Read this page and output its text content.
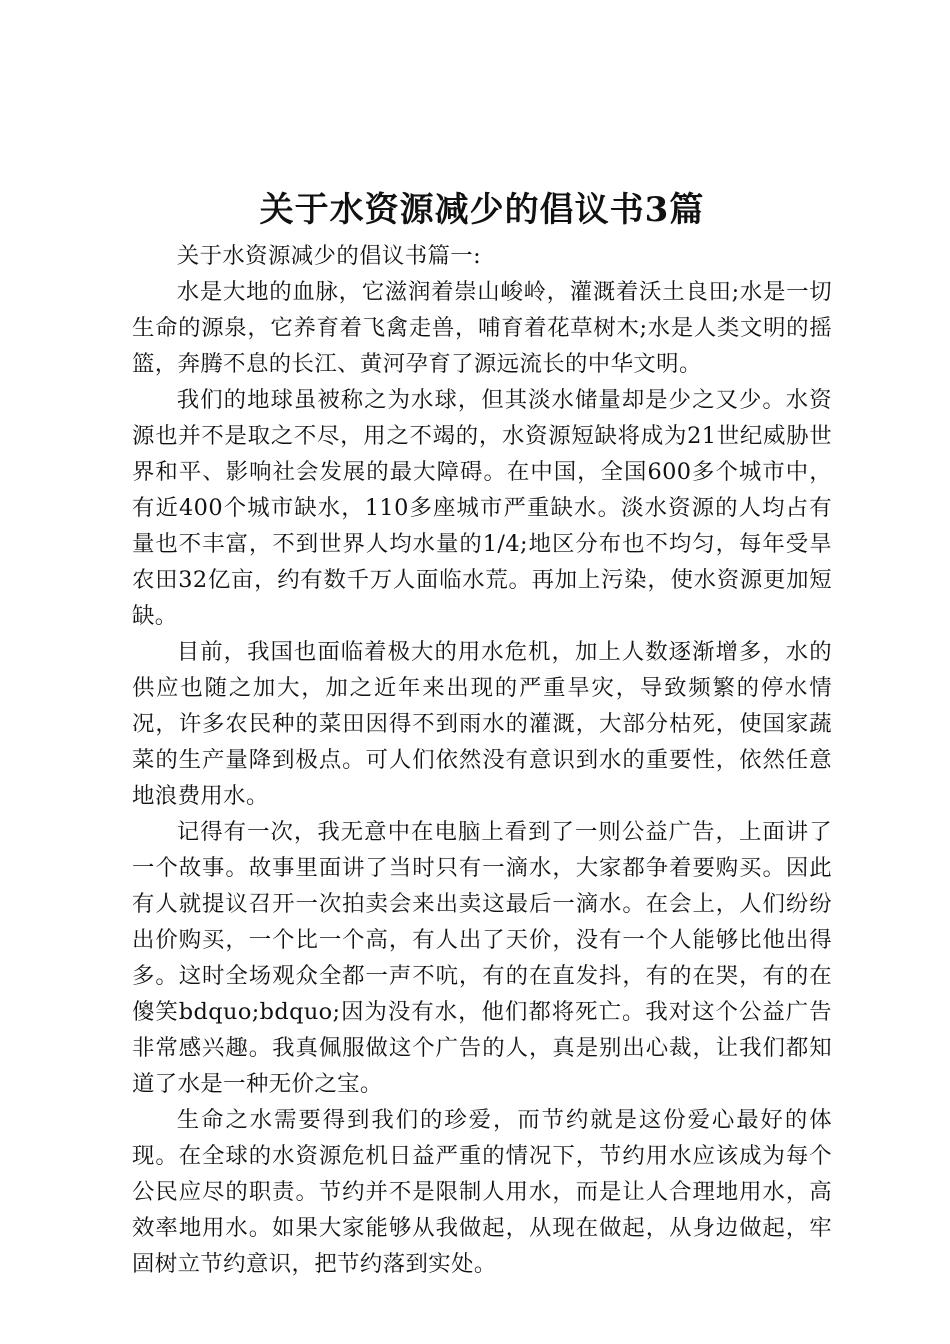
关于水资源减少的倡议书3篇

关于水资源减少的倡议书篇一:

水是大地的血脉，它滋润着崇山峻岭，灌溉着沃土良田;水是一切生命的源泉，它养育着飞禽走兽，哺育着花草树木;水是人类文明的摇篮，奔腾不息的长江、黄河孕育了源远流长的中华文明。

我们的地球虽被称之为水球，但其淡水储量却是少之又少。水资源也并不是取之不尽，用之不竭的，水资源短缺将成为21世纪威胁世界和平、影响社会发展的最大障碍。在中国，全国600多个城市中，有近400个城市缺水，110多座城市严重缺水。淡水资源的人均占有量也不丰富，不到世界人均水量的1/4;地区分布也不均匀，每年受旱农田32亿亩，约有数千万人面临水荒。再加上污染，使水资源更加短缺。

目前，我国也面临着极大的用水危机，加上人数逐渐增多，水的供应也随之加大，加之近年来出现的严重旱灾，导致频繁的停水情况，许多农民种的菜田因得不到雨水的灌溉，大部分枯死，使国家蔬菜的生产量降到极点。可人们依然没有意识到水的重要性，依然任意地浪费用水。

记得有一次，我无意中在电脑上看到了一则公益广告，上面讲了一个故事。故事里面讲了当时只有一滴水，大家都争着要购买。因此有人就提议召开一次拍卖会来出卖这最后一滴水。在会上，人们纷纷出价购买，一个比一个高，有人出了天价，没有一个人能够比他出得多。这时全场观众全都一声不吭，有的在直发抖，有的在哭，有的在傻笑bdquo;bdquo;因为没有水，他们都将死亡。我对这个公益广告非常感兴趣。我真佩服做这个广告的人，真是别出心裁，让我们都知道了水是一种无价之宝。

生命之水需要得到我们的珍爱，而节约就是这份爱心最好的体现。在全球的水资源危机日益严重的情况下，节约用水应该成为每个公民应尽的职责。节约并不是限制人用水，而是让人合理地用水，高效率地用水。如果大家能够从我做起，从现在做起，从身边做起，牢固树立节约意识，把节约落到实处。
